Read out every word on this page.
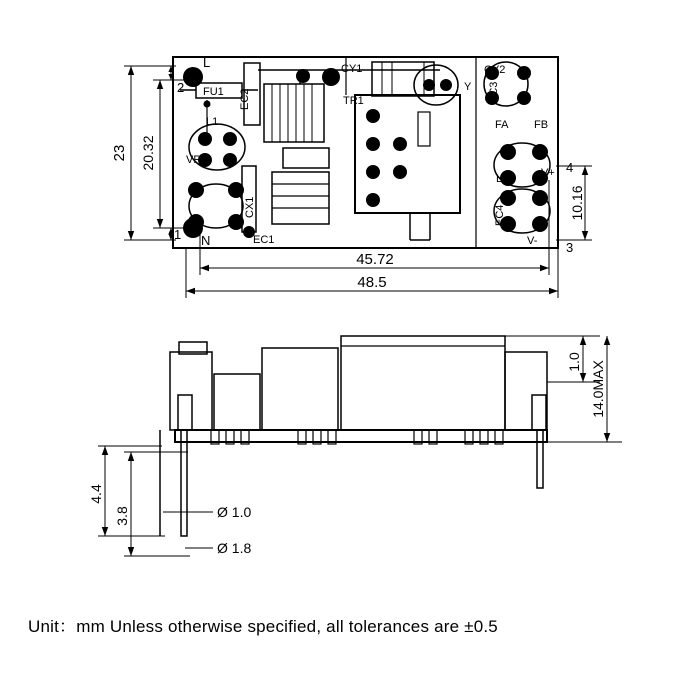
23 20.32
2
1
10.16
4
3
45.72
48.5
L
N
FU1 EC2
L1
VR1
CX1
EC1
CY1
TR1
Y
CY2
EC3
FA FB
L2	V+
EC4
V-
1.0 14.0MAX
4.4
3.8	Ø 1.0
Ø 1.8
Unit：mm Unless otherwise specified, all tolerances are ±0.5
